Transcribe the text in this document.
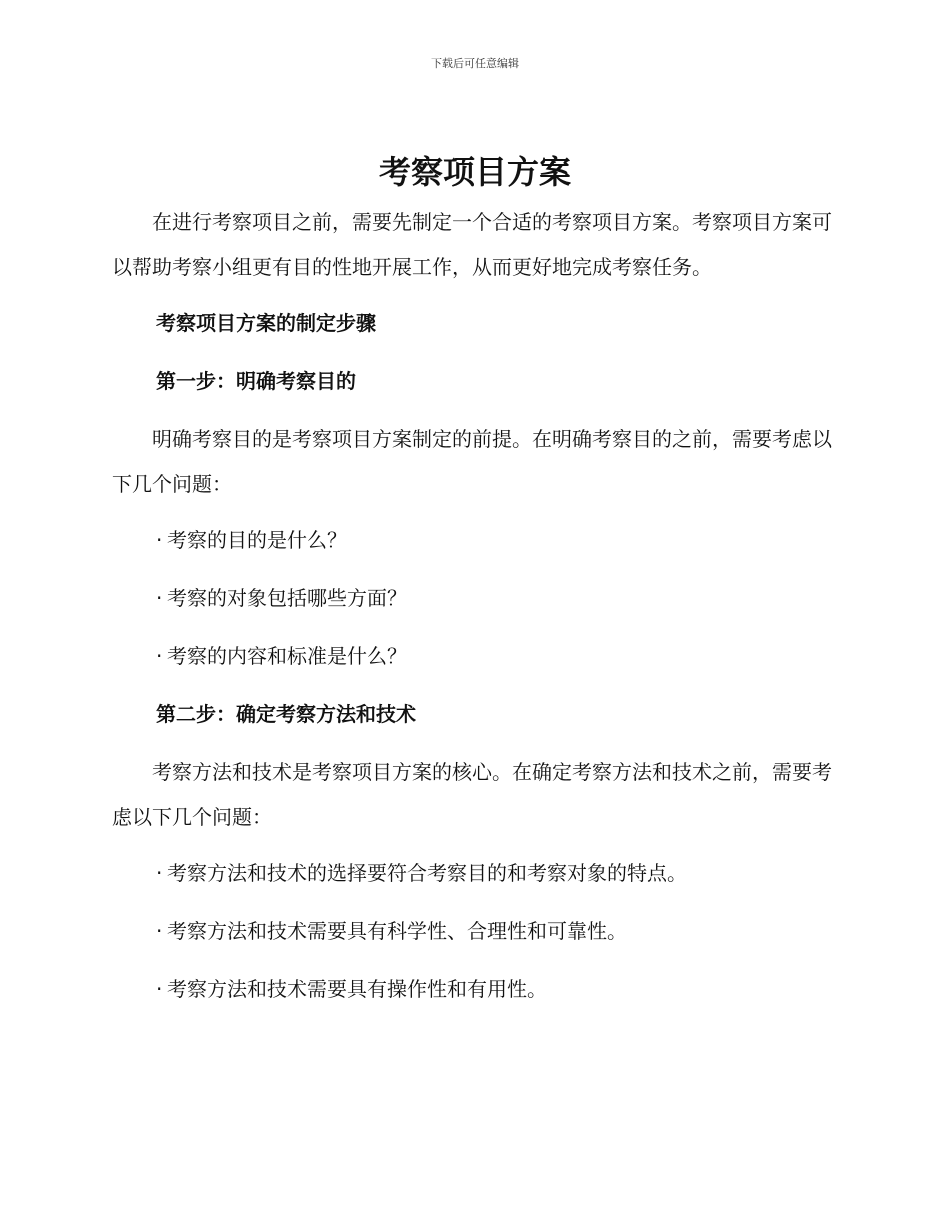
下载后可任意编辑
考察项目方案

在进行考察项目之前，需要先制定一个合适的考察项目方案。考察项目方案可以帮助考察小组更有目的性地开展工作，从而更好地完成考察任务。

考察项目方案的制定步骤
第一步：明确考察目的

明确考察目的是考察项目方案制定的前提。在明确考察目的之前，需要考虑以下几个问题：

· 考察的目的是什么？
· 考察的对象包括哪些方面？
· 考察的内容和标准是什么？
第二步：确定考察方法和技术

考察方法和技术是考察项目方案的核心。在确定考察方法和技术之前，需要考虑以下几个问题：

· 考察方法和技术的选择要符合考察目的和考察对象的特点。
· 考察方法和技术需要具有科学性、合理性和可靠性。
· 考察方法和技术需要具有操作性和有用性。
